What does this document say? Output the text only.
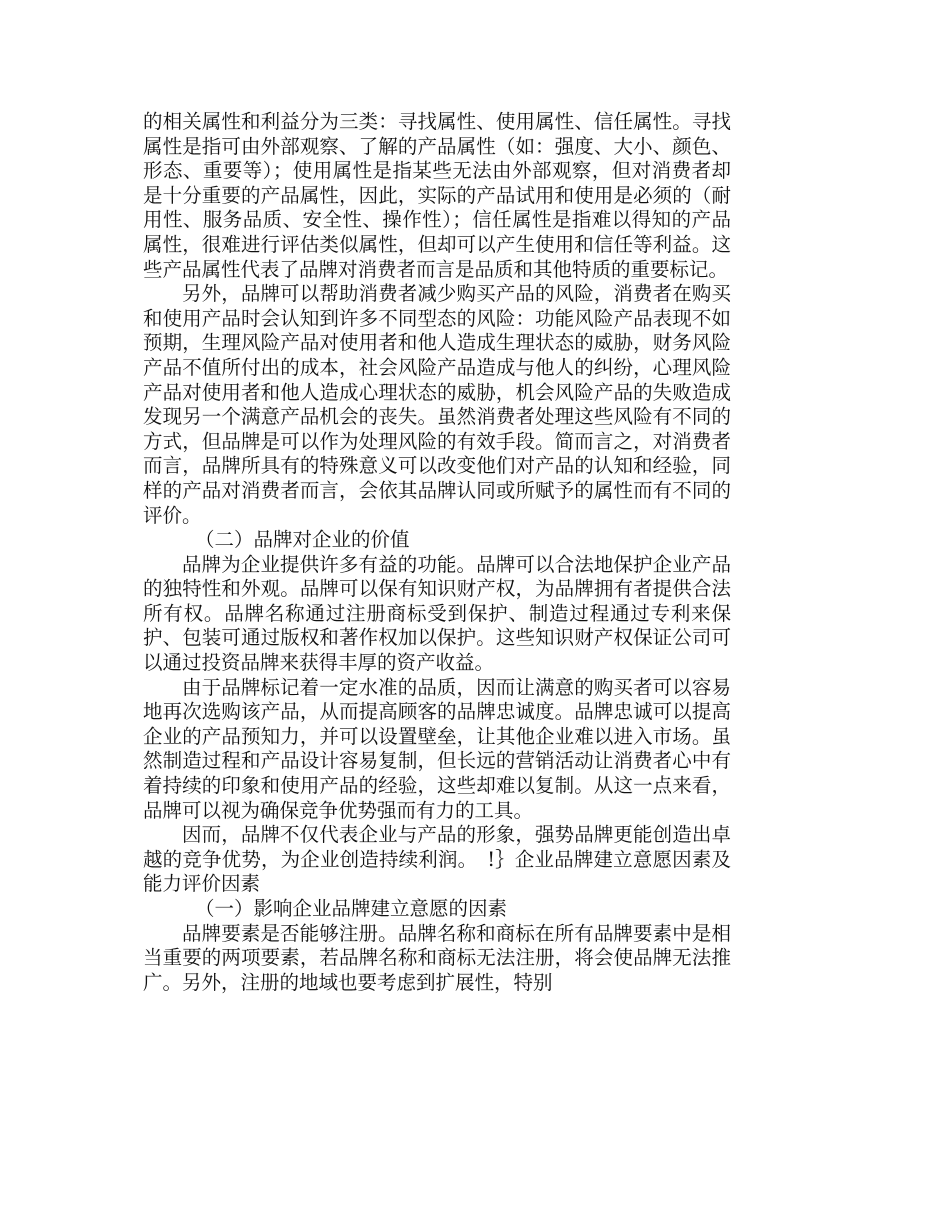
的相关属性和利益分为三类：寻找属性、使用属性、信任属性。寻找属性是指可由外部观察、了解的产品属性（如：强度、大小、颜色、形态、重要等）；使用属性是指某些无法由外部观察，但对消费者却是十分重要的产品属性，因此，实际的产品试用和使用是必须的（耐用性、服务品质、安全性、操作性）；信任属性是指难以得知的产品属性，很难进行评估类似属性，但却可以产生使用和信任等利益。这些产品属性代表了品牌对消费者而言是品质和其他特质的重要标记。

另外，品牌可以帮助消费者减少购买产品的风险，消费者在购买和使用产品时会认知到许多不同型态的风险：功能风险产品表现不如预期，生理风险产品对使用者和他人造成生理状态的威胁，财务风险产品不值所付出的成本，社会风险产品造成与他人的纠纷，心理风险产品对使用者和他人造成心理状态的威胁，机会风险产品的失败造成发现另一个满意产品机会的丧失。虽然消费者处理这些风险有不同的方式，但品牌是可以作为处理风险的有效手段。简而言之，对消费者而言，品牌所具有的特殊意义可以改变他们对产品的认知和经验，同样的产品对消费者而言，会依其品牌认同或所赋予的属性而有不同的评价。

（二）品牌对企业的价值

品牌为企业提供许多有益的功能。品牌可以合法地保护企业产品的独特性和外观。品牌可以保有知识财产权，为品牌拥有者提供合法所有权。品牌名称通过注册商标受到保护、制造过程通过专利来保护、包装可通过版权和著作权加以保护。这些知识财产权保证公司可以通过投资品牌来获得丰厚的资产收益。

由于品牌标记着一定水准的品质，因而让满意的购买者可以容易地再次选购该产品，从而提高顾客的品牌忠诚度。品牌忠诚可以提高企业的产品预知力，并可以设置壁垒，让其他企业难以进入市场。虽然制造过程和产品设计容易复制，但长远的营销活动让消费者心中有着持续的印象和使用产品的经验，这些却难以复制。从这一点来看，品牌可以视为确保竞争优势强而有力的工具。

因而，品牌不仅代表企业与产品的形象，强势品牌更能创造出卓越的竞争优势，为企业创造持续利润。　!｝企业品牌建立意愿因素及能力评价因素

（一）影响企业品牌建立意愿的因素

品牌要素是否能够注册。品牌名称和商标在所有品牌要素中是相当重要的两项要素，若品牌名称和商标无法注册，将会使品牌无法推广。另外，注册的地域也要考虑到扩展性，特别
